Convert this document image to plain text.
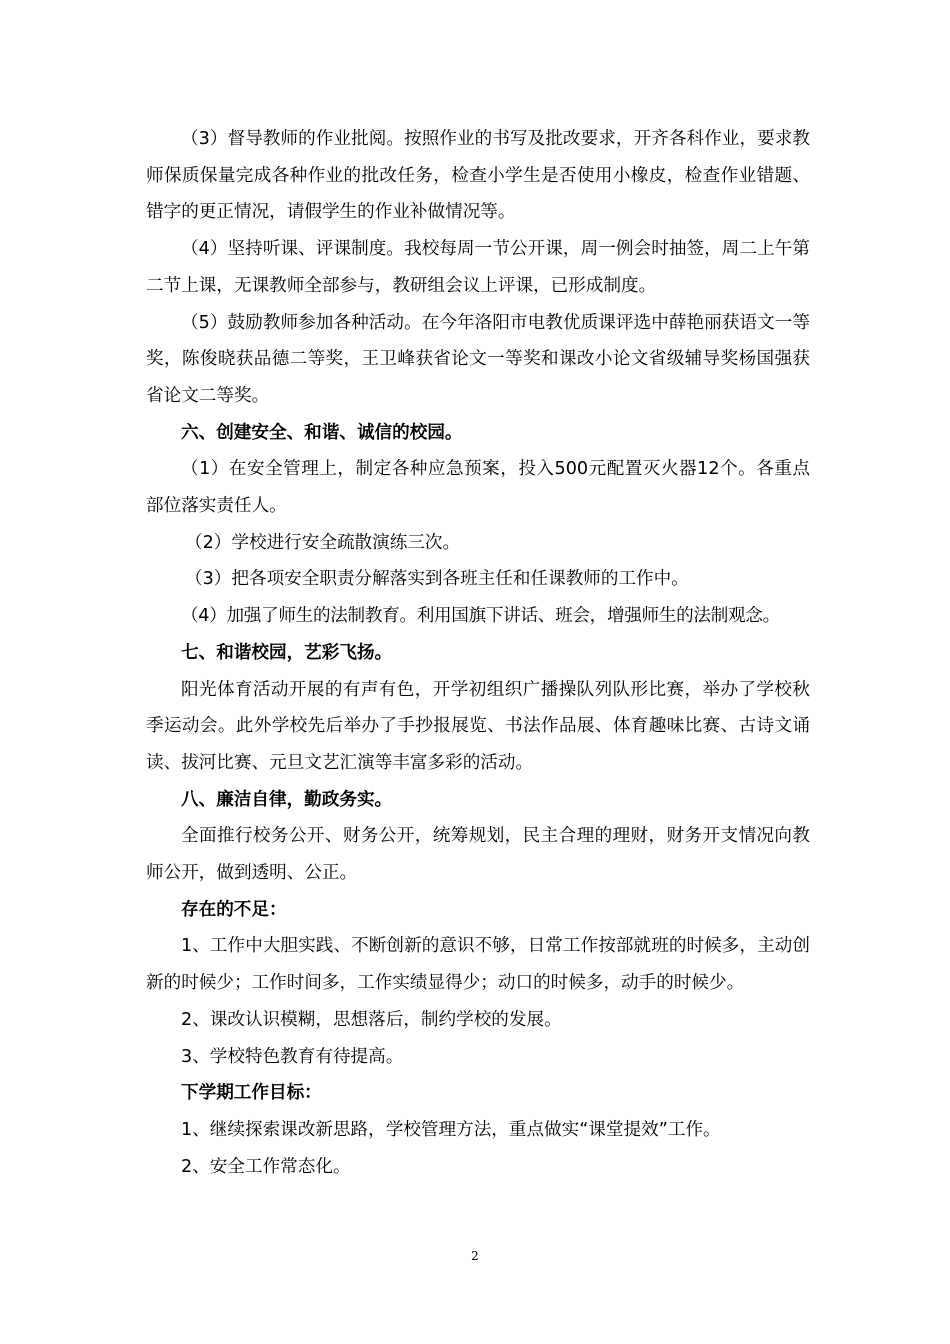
（3）督导教师的作业批阅。按照作业的书写及批改要求，开齐各科作业，要求教师保质保量完成各种作业的批改任务，检查小学生是否使用小橡皮，检查作业错题、错字的更正情况，请假学生的作业补做情况等。

（4）坚持听课、评课制度。我校每周一节公开课，周一例会时抽签，周二上午第二节上课，无课教师全部参与，教研组会议上评课，已形成制度。

（5）鼓励教师参加各种活动。在今年洛阳市电教优质课评选中薛艳丽获语文一等奖，陈俊晓获品德二等奖，王卫峰获省论文一等奖和课改小论文省级辅导奖杨国强获省论文二等奖。

六、创建安全、和谐、诚信的校园。

（1）在安全管理上，制定各种应急预案，投入500元配置灭火器12个。各重点部位落实责任人。

（2）学校进行安全疏散演练三次。

（3）把各项安全职责分解落实到各班主任和任课教师的工作中。

（4）加强了师生的法制教育。利用国旗下讲话、班会，增强师生的法制观念。

七、和谐校园，艺彩飞扬。

阳光体育活动开展的有声有色，开学初组织广播操队列队形比赛，举办了学校秋季运动会。此外学校先后举办了手抄报展览、书法作品展、体育趣味比赛、古诗文诵读、拔河比赛、元旦文艺汇演等丰富多彩的活动。

八、廉洁自律，勤政务实。

全面推行校务公开、财务公开，统筹规划，民主合理的理财，财务开支情况向教师公开，做到透明、公正。

存在的不足：

1、工作中大胆实践、不断创新的意识不够，日常工作按部就班的时候多，主动创新的时候少；工作时间多，工作实绩显得少；动口的时候多，动手的时候少。

2、课改认识模糊，思想落后，制约学校的发展。

3、学校特色教育有待提高。

下学期工作目标：

1、继续探索课改新思路，学校管理方法，重点做实“课堂提效”工作。

2、安全工作常态化。

2
